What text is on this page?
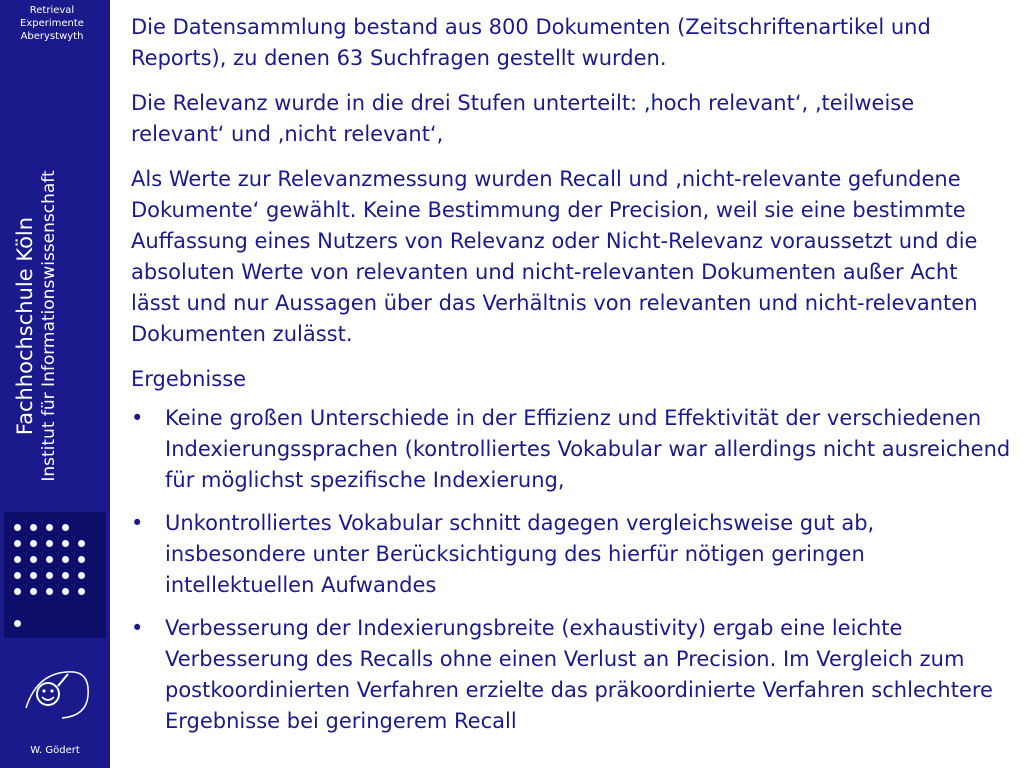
Retrieval
Experimente
Aberystwyth
Fachhochschule Köln Institut für Informationswissenschaft
W. Gödert

Die Datensammlung bestand aus 800 Dokumenten (Zeitschriftenartikel und Reports), zu denen 63 Suchfragen gestellt wurden.

Die Relevanz wurde in die drei Stufen unterteilt: ‚hoch relevant‘, ‚teilweise relevant‘ und ‚nicht relevant‘,

Als Werte zur Relevanzmessung wurden Recall und ‚nicht-relevante gefundene Dokumente‘ gewählt. Keine Bestimmung der Precision, weil sie eine bestimmte Auffassung eines Nutzers von Relevanz oder Nicht-Relevanz voraussetzt und die absoluten Werte von relevanten und nicht-relevanten Dokumenten außer Acht lässt und nur Aussagen über das Verhältnis von relevanten und nicht-relevanten Dokumenten zulässt.

Ergebnisse
• Keine großen Unterschiede in der Effizienz und Effektivität der verschiedenen Indexierungssprachen (kontrolliertes Vokabular war allerdings nicht ausreichend für möglichst spezifische Indexierung,
• Unkontrolliertes Vokabular schnitt dagegen vergleichsweise gut ab, insbesondere unter Berücksichtigung des hierfür nötigen geringen intellektuellen Aufwandes
• Verbesserung der Indexierungsbreite (exhaustivity) ergab eine leichte Verbesserung des Recalls ohne einen Verlust an Precision. Im Vergleich zum postkoordinierten Verfahren erzielte das präkoordinierte Verfahren schlechtere Ergebnisse bei geringerem Recall
